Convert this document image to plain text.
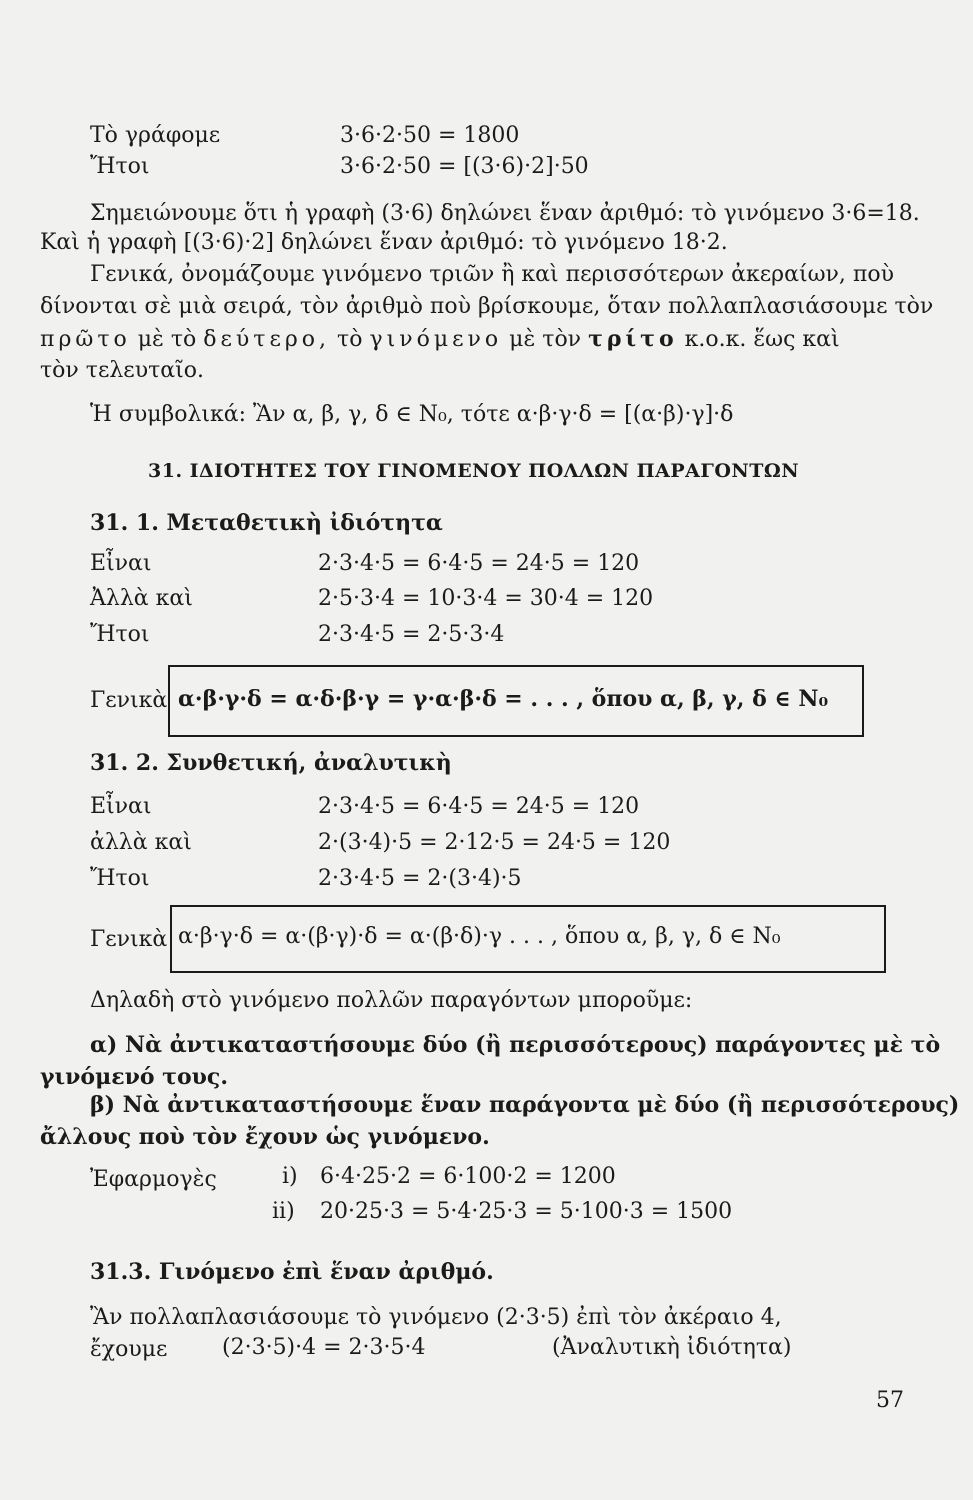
Τὸ γράφομε	3·6·2·50 = 1800
Ἤτοι	3·6·2·50 = [(3·6)·2]·50
Σημειώνουμε ὅτι ἡ γραφὴ (3·6) δηλώνει ἕναν ἀριθμό: τὸ γινόμενο 3·6=18.
Καὶ ἡ γραφὴ [(3·6)·2] δηλώνει ἕναν ἀριθμό: τὸ γινόμενο 18·2.
Γενικά, ὀνομάζουμε γινόμενο τριῶν ἢ καὶ περισσότερων ἀκεραίων, ποὺ
δίνονται σὲ μιὰ σειρά, τὸν ἀριθμὸ ποὺ βρίσκουμε, ὅταν πολλαπλασιάσουμε τὸν
πρῶτο μὲ τὸ δεύτερο, τὸ γινόμενο μὲ τὸν τρίτο κ.ο.κ. ἕως καὶ
τὸν τελευταῖο.
Ἡ συμβολικά: Ἂν α, β, γ, δ ∈ N₀, τότε α·β·γ·δ = [(α·β)·γ]·δ
31. ΙΔΙΟΤΗΤΕΣ ΤΟΥ ΓΙΝΟΜΕΝΟΥ ΠΟΛΛΩΝ ΠΑΡΑΓΟΝΤΩΝ
31. 1. Μεταθετικὴ ἰδιότητα
Εἶναι	2·3·4·5 = 6·4·5 = 24·5 = 120
Ἀλλὰ καὶ	2·5·3·4 = 10·3·4 = 30·4 = 120
Ἤτοι	2·3·4·5 = 2·5·3·4
Γενικὰ α·β·γ·δ = α·δ·β·γ = γ·α·β·δ = . . . , ὅπου α, β, γ, δ ∈ N₀
31. 2. Συνθετική, ἀναλυτικὴ
Εἶναι	2·3·4·5 = 6·4·5 = 24·5 = 120
ἀλλὰ καὶ	2·(3·4)·5 = 2·12·5 = 24·5 = 120
Ἤτοι	2·3·4·5 = 2·(3·4)·5
Γενικὰ α·β·γ·δ = α·(β·γ)·δ = α·(β·δ)·γ . . . , ὅπου α, β, γ, δ ∈ N₀
Δηλαδὴ στὸ γινόμενο πολλῶν παραγόντων μποροῦμε:
α) Νὰ ἀντικαταστήσουμε δύο (ἢ περισσότερους) παράγοντες μὲ τὸ
γινόμενό τους.
β) Νὰ ἀντικαταστήσουμε ἕναν παράγοντα μὲ δύο (ἢ περισσότερους)
ἄλλους ποὺ τὸν ἔχουν ὡς γινόμενο.
Ἐφαρμογὲς	i) 6·4·25·2 = 6·100·2 = 1200
ii) 20·25·3 = 5·4·25·3 = 5·100·3 = 1500
31.3. Γινόμενο ἐπὶ ἕναν ἀριθμό.
Ἂν πολλαπλασιάσουμε τὸ γινόμενο (2·3·5) ἐπὶ τὸν ἀκέραιο 4,
ἔχουμε (2·3·5)·4 = 2·3·5·4	(Ἀναλυτικὴ ἰδιότητα)
57
